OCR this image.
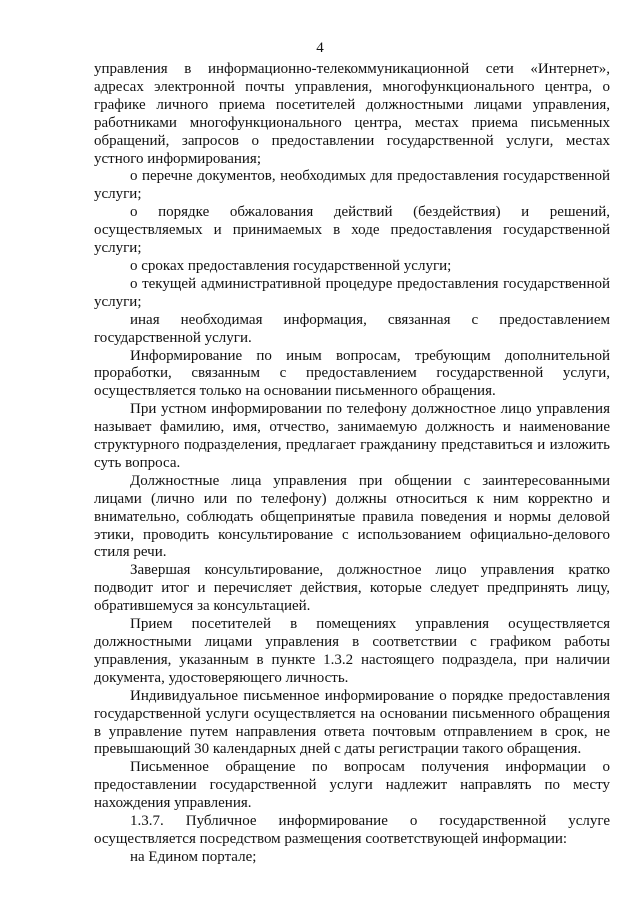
4

управления в информационно-телекоммуникационной сети «Интернет», адресах электронной почты управления, многофункционального центра, о графике личного приема посетителей должностными лицами управления, работниками многофункционального центра, местах приема письменных обращений, запросов о предоставлении государственной услуги, местах устного информирования;

о перечне документов, необходимых для предоставления государственной услуги;

о порядке обжалования действий (бездействия) и решений, осуществляемых и принимаемых в ходе предоставления государственной услуги;

о сроках предоставления государственной услуги;

о текущей административной процедуре предоставления государственной услуги;

иная необходимая информация, связанная с предоставлением государственной услуги.

Информирование по иным вопросам, требующим дополнительной проработки, связанным с предоставлением государственной услуги, осуществляется только на основании письменного обращения.

При устном информировании по телефону должностное лицо управления называет фамилию, имя, отчество, занимаемую должность и наименование структурного подразделения, предлагает гражданину представиться и изложить суть вопроса.

Должностные лица управления при общении с заинтересованными лицами (лично или по телефону) должны относиться к ним корректно и внимательно, соблюдать общепринятые правила поведения и нормы деловой этики, проводить консультирование с использованием официально-делового стиля речи.

Завершая консультирование, должностное лицо управления кратко подводит итог и перечисляет действия, которые следует предпринять лицу, обратившемуся за консультацией.

Прием посетителей в помещениях управления осуществляется должностными лицами управления в соответствии с графиком работы управления, указанным в пункте 1.3.2 настоящего подраздела, при наличии документа, удостоверяющего личность.

Индивидуальное письменное информирование о порядке предоставления государственной услуги осуществляется на основании письменного обращения в управление путем направления ответа почтовым отправлением в срок, не превышающий 30 календарных дней с даты регистрации такого обращения.

Письменное обращение по вопросам получения информации о предоставлении государственной услуги надлежит направлять по месту нахождения управления.

1.3.7. Публичное информирование о государственной услуге осуществляется посредством размещения соответствующей информации:

на Едином портале;
